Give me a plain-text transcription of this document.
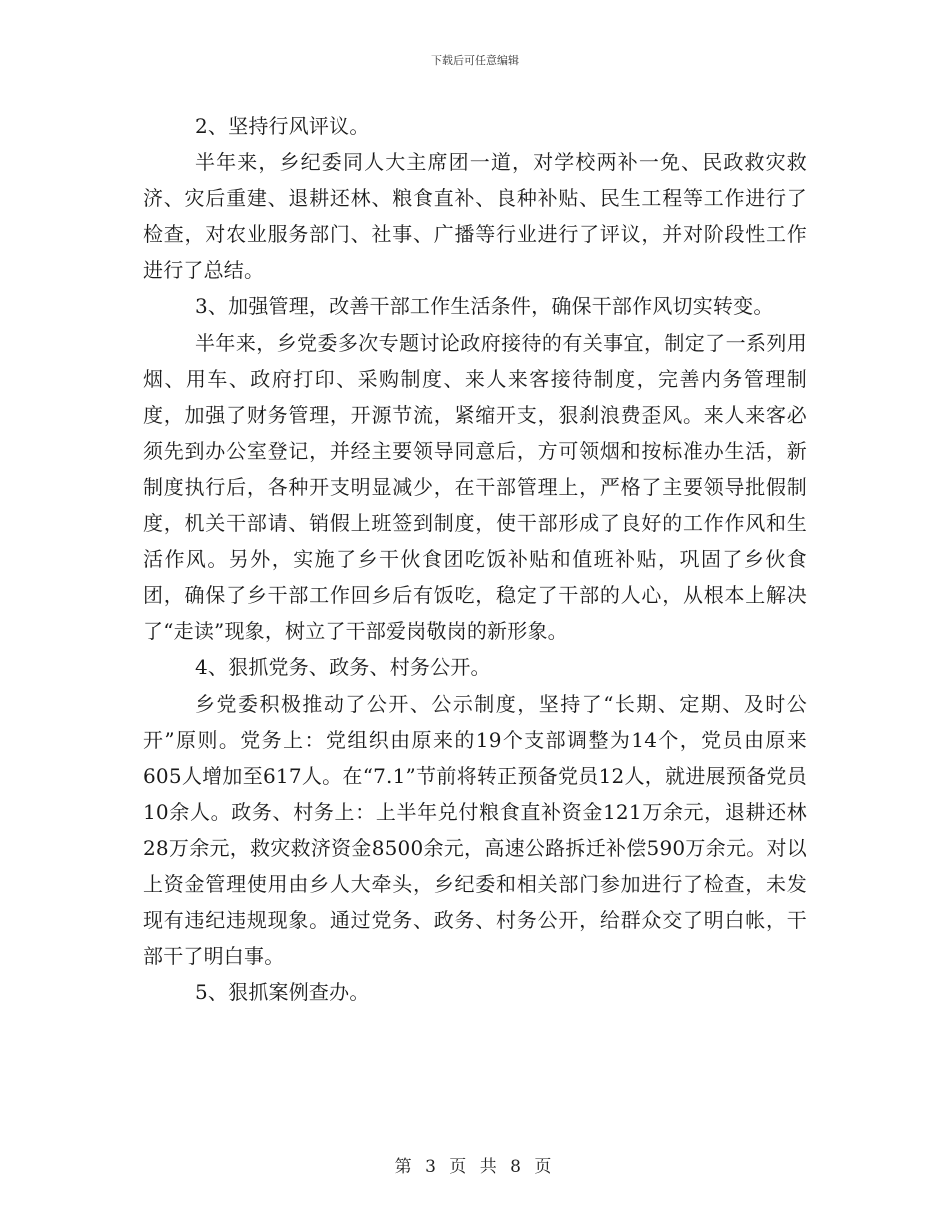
下载后可任意编辑

2、坚持行风评议。

半年来，乡纪委同人大主席团一道，对学校两补一免、民政救灾救济、灾后重建、退耕还林、粮食直补、良种补贴、民生工程等工作进行了检查，对农业服务部门、社事、广播等行业进行了评议，并对阶段性工作进行了总结。

3、加强管理，改善干部工作生活条件，确保干部作风切实转变。

半年来，乡党委多次专题讨论政府接待的有关事宜，制定了一系列用烟、用车、政府打印、采购制度、来人来客接待制度，完善内务管理制度，加强了财务管理，开源节流，紧缩开支，狠刹浪费歪风。来人来客必须先到办公室登记，并经主要领导同意后，方可领烟和按标准办生活，新制度执行后，各种开支明显减少，在干部管理上，严格了主要领导批假制度，机关干部请、销假上班签到制度，使干部形成了良好的工作作风和生活作风。另外，实施了乡干伙食团吃饭补贴和值班补贴，巩固了乡伙食团，确保了乡干部工作回乡后有饭吃，稳定了干部的人心，从根本上解决了“走读”现象，树立了干部爱岗敬岗的新形象。

4、狠抓党务、政务、村务公开。

乡党委积极推动了公开、公示制度，坚持了“长期、定期、及时公开”原则。党务上：党组织由原来的19个支部调整为14个，党员由原来605人增加至617人。在“7.1”节前将转正预备党员12人，就进展预备党员10余人。政务、村务上：上半年兑付粮食直补资金121万余元，退耕还林28万余元，救灾救济资金8500余元，高速公路拆迁补偿590万余元。对以上资金管理使用由乡人大牵头，乡纪委和相关部门参加进行了检查，未发现有违纪违规现象。通过党务、政务、村务公开，给群众交了明白帐，干部干了明白事。

5、狠抓案例查办。

第 3 页 共 8 页
